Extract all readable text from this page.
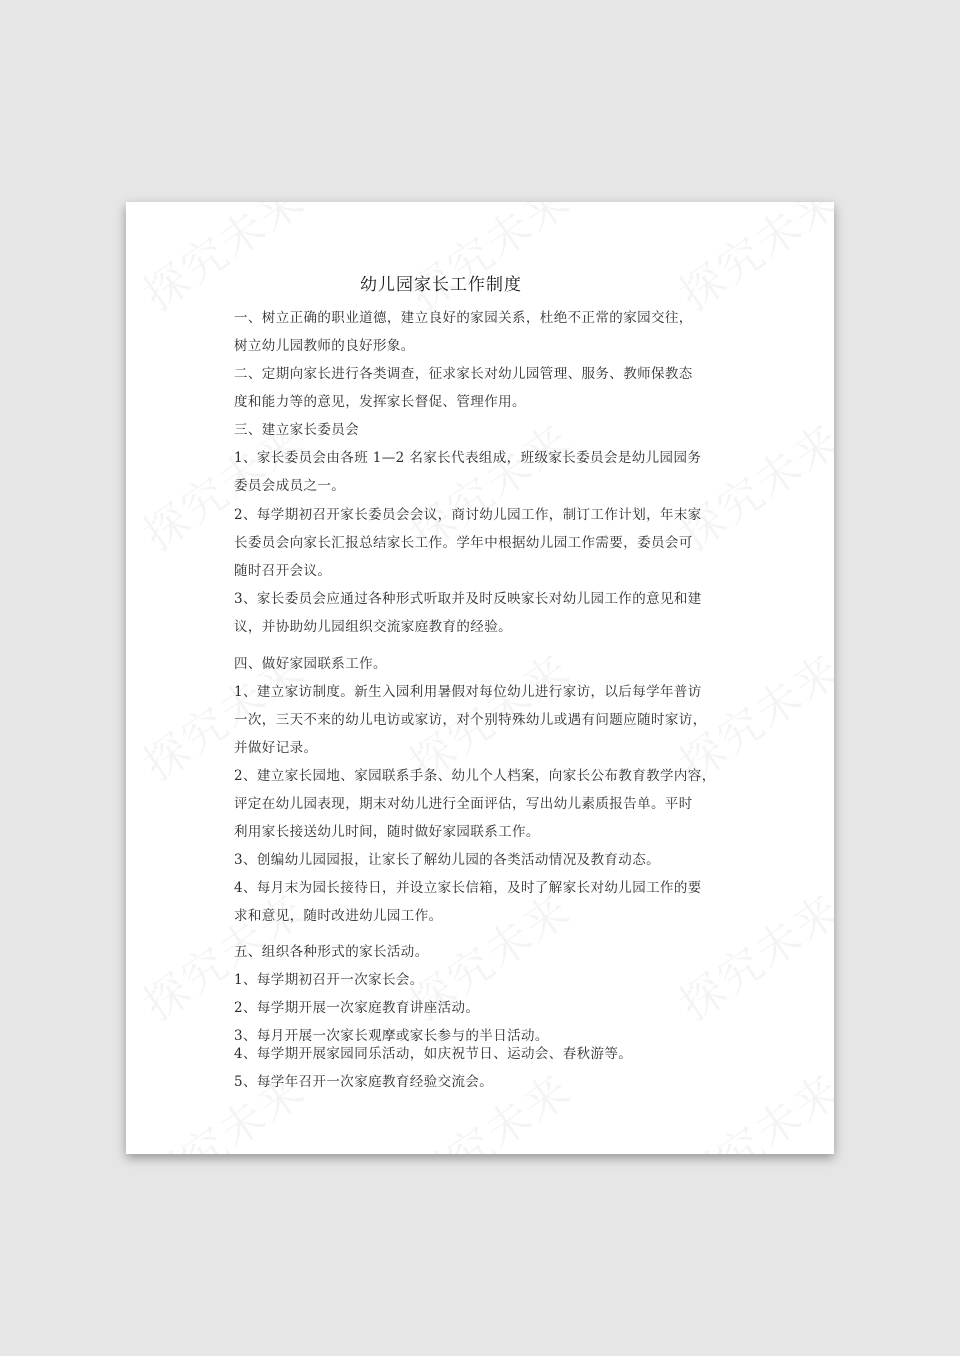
幼儿园家长工作制度
一、树立正确的职业道德，建立良好的家园关系，杜绝不正常的家园交往，
树立幼儿园教师的良好形象。
二、定期向家长进行各类调查，征求家长对幼儿园管理、服务、教师保教态
度和能力等的意见，发挥家长督促、管理作用。
三、建立家长委员会
1、家长委员会由各班 1—2 名家长代表组成，班级家长委员会是幼儿园园务
委员会成员之一。
2、每学期初召开家长委员会会议，商讨幼儿园工作，制订工作计划，年末家
长委员会向家长汇报总结家长工作。学年中根据幼儿园工作需要，委员会可
随时召开会议。
3、家长委员会应通过各种形式听取并及时反映家长对幼儿园工作的意见和建
议，并协助幼儿园组织交流家庭教育的经验。
四、做好家园联系工作。
1、建立家访制度。新生入园利用暑假对每位幼儿进行家访，以后每学年普访
一次，三天不来的幼儿电访或家访，对个别特殊幼儿或遇有问题应随时家访，
并做好记录。
2、建立家长园地、家园联系手条、幼儿个人档案，向家长公布教育教学内容，
评定在幼儿园表现，期末对幼儿进行全面评估，写出幼儿素质报告单。平时
利用家长接送幼儿时间，随时做好家园联系工作。
3、创编幼儿园园报，让家长了解幼儿园的各类活动情况及教育动态。
4、每月末为园长接待日，并设立家长信箱，及时了解家长对幼儿园工作的要
求和意见，随时改进幼儿园工作。
五、组织各种形式的家长活动。
1、每学期初召开一次家长会。
2、每学期开展一次家庭教育讲座活动。
3、每月开展一次家长观摩或家长参与的半日活动。
4、每学期开展家园同乐活动，如庆祝节日、运动会、春秋游等。
5、每学年召开一次家庭教育经验交流会。
